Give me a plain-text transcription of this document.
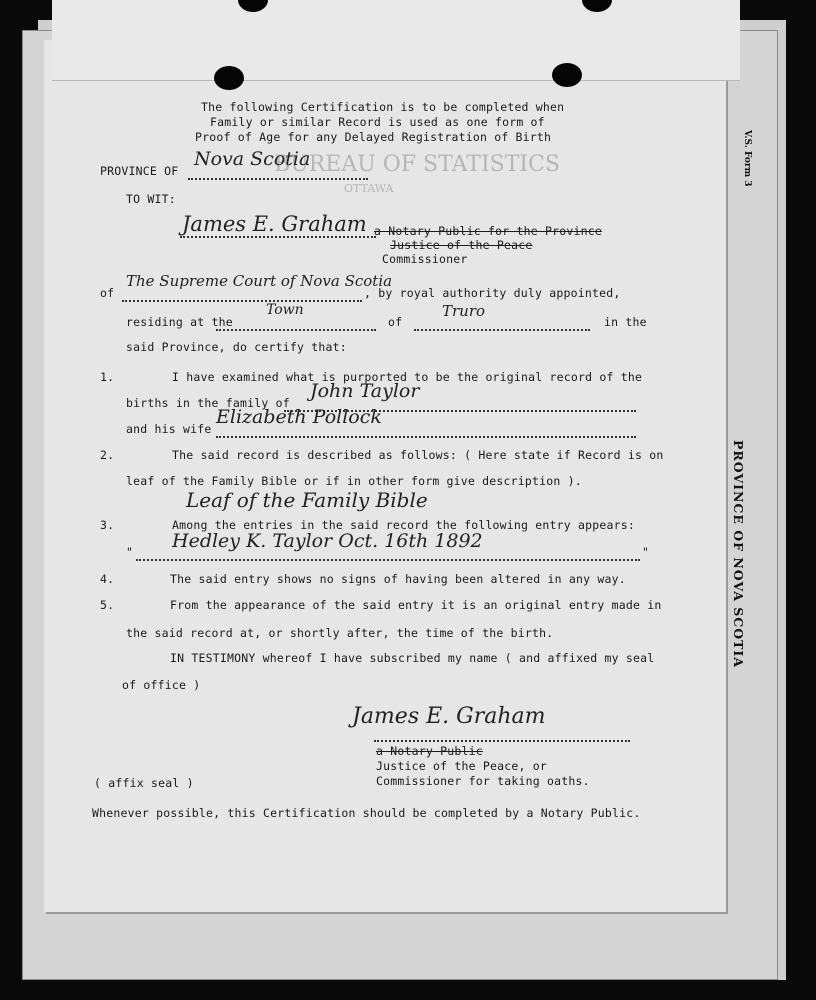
V.S. Form 3
PROVINCE OF NOVA SCOTIA
BUREAU OF STATISTICS
OTTAWA
The following Certification is to be completed when
Family or similar Record is used as one form of
Proof of Age for any Delayed Registration of Birth
PROVINCE OF
Nova Scotia
TO WIT:
James E. Graham a Notary Public for the Province
Justice of the Peace
Commissioner
of
The Supreme Court of Nova Scotia
, by royal authority duly appointed,
residing at the
Town
of
Truro
in the
said Province, do certify that:
1.	I have examined what is purported to be the original record of the
births in the family of
John Taylor
and his wife
Elizabeth Pollock
2.	The said record is described as follows: ( Here state if Record is on
leaf of the Family Bible or if in other form give description ).
Leaf of the Family Bible
3.	Among the entries in the said record the following entry appears:
" Hedley K. Taylor Oct. 16th 1892	"
4.	The said entry shows no signs of having been altered in any way.
5.	From the appearance of the said entry it is an original entry made in
the said record at, or shortly after, the time of the birth.
IN TESTIMONY whereof I have subscribed my name ( and affixed my seal
of office )
James E. Graham
a Notary Public
Justice of the Peace, or
Commissioner for taking oaths.
( affix seal )
Whenever possible, this Certification should be completed by a Notary Public.
